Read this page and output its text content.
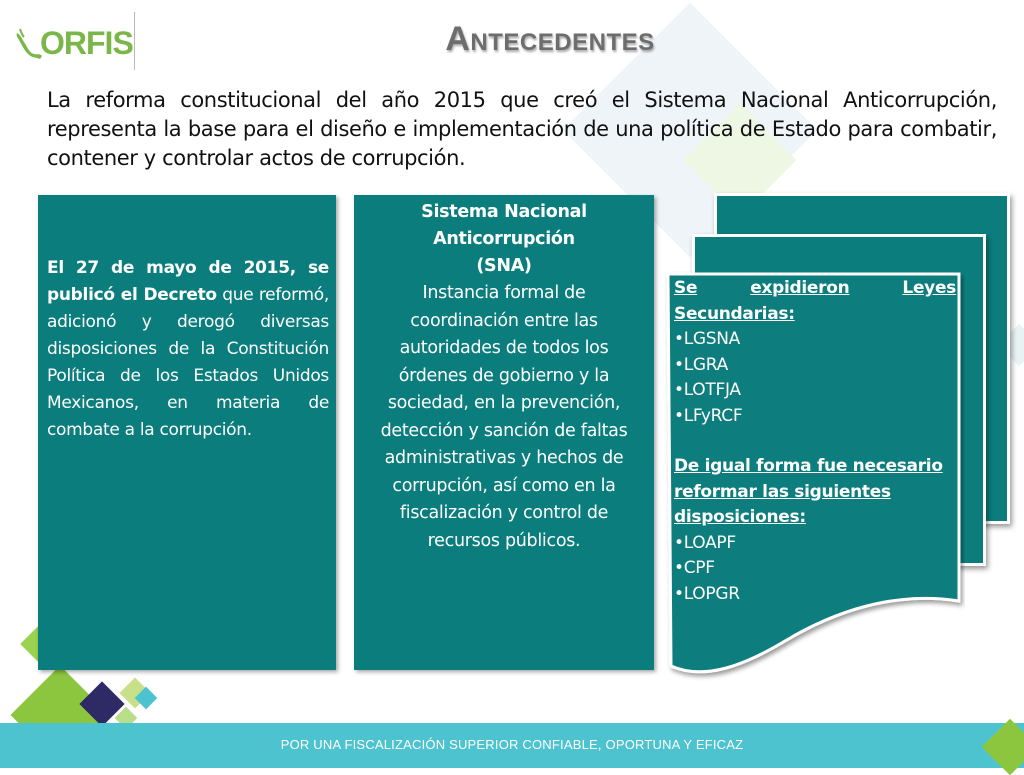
ORFIS	Antecedentes
La reforma constitucional del año 2015 que creó el Sistema Nacional Anticorrupción, representa la base para el diseño e implementación de una política de Estado para combatir, contener y controlar actos de corrupción.
El 27 de mayo de 2015, se publicó el Decreto que reformó, adicionó y derogó diversas disposiciones de la Constitución Política de los Estados Unidos Mexicanos, en materia de combate a la corrupción.
Sistema Nacional
Anticorrupción
(SNA)
Instancia formal de coordinación entre las autoridades de todos los órdenes de gobierno y la sociedad, en la prevención, detección y sanción de faltas administrativas y hechos de corrupción, así como en la fiscalización y control de recursos públicos.
Se	expidieron	Leyes
Secundarias:
•LGSNA
•LGRA
•LOTFJA
•LFyRCF
De igual forma fue necesario reformar las siguientes disposiciones:
•LOAPF
•CPF
•LOPGR
POR UNA FISCALIZACIÓN SUPERIOR CONFIABLE, OPORTUNA Y EFICAZ
